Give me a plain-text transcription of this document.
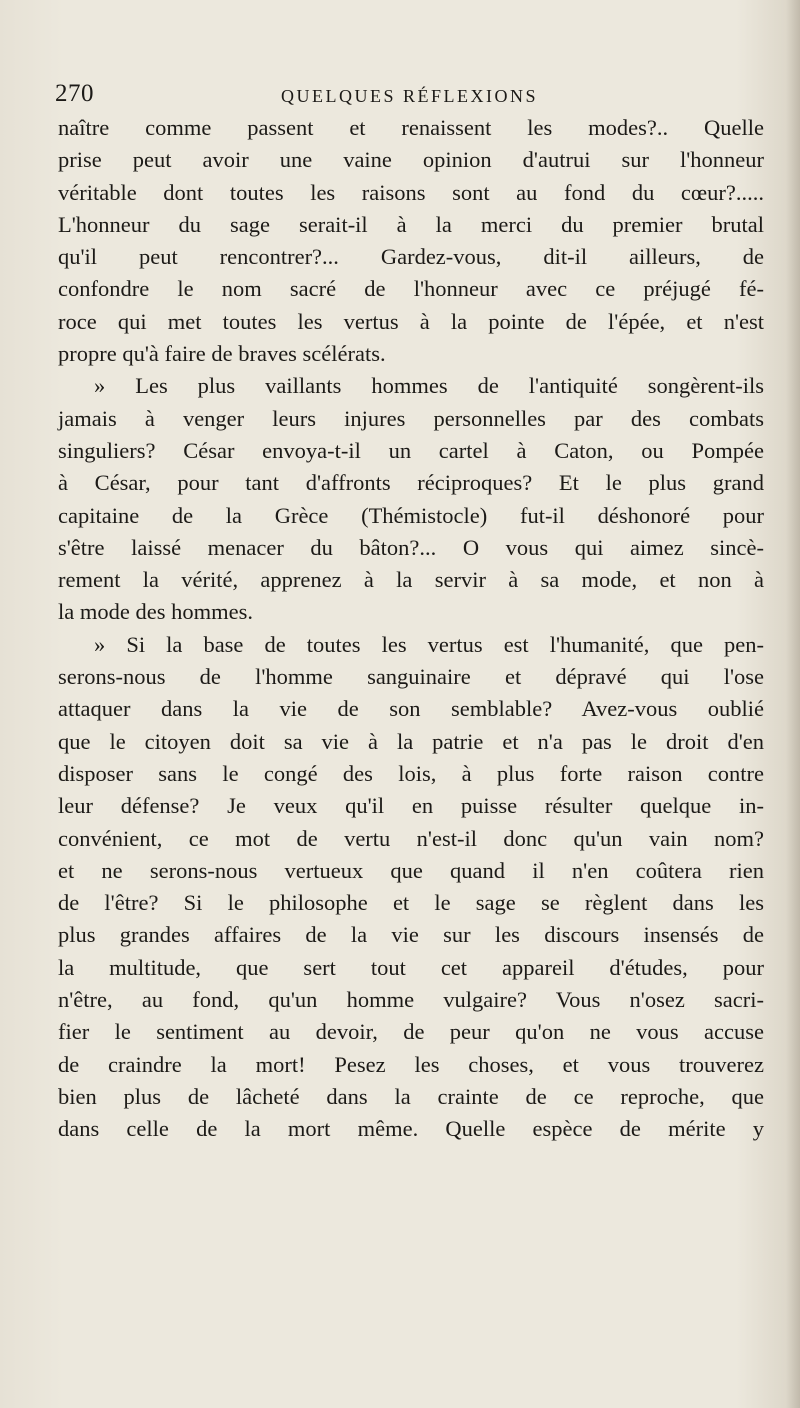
270	QUELQUES RÉFLEXIONS
naître comme passent et renaissent les modes?.. Quelle
prise peut avoir une vaine opinion d'autrui sur l'honneur
véritable dont toutes les raisons sont au fond du cœur?.....
L'honneur du sage serait-il à la merci du premier brutal
qu'il peut rencontrer?... Gardez-vous, dit-il ailleurs, de
confondre le nom sacré de l'honneur avec ce préjugé fé-
roce qui met toutes les vertus à la pointe de l'épée, et n'est
propre qu'à faire de braves scélérats.
» Les plus vaillants hommes de l'antiquité songèrent-ils
jamais à venger leurs injures personnelles par des combats
singuliers? César envoya-t-il un cartel à Caton, ou Pompée
à César, pour tant d'affronts réciproques? Et le plus grand
capitaine de la Grèce (Thémistocle) fut-il déshonoré pour
s'être laissé menacer du bâton?... O vous qui aimez sincè-
rement la vérité, apprenez à la servir à sa mode, et non à
la mode des hommes.
» Si la base de toutes les vertus est l'humanité, que pen-
serons-nous de l'homme sanguinaire et dépravé qui l'ose
attaquer dans la vie de son semblable? Avez-vous oublié
que le citoyen doit sa vie à la patrie et n'a pas le droit d'en
disposer sans le congé des lois, à plus forte raison contre
leur défense? Je veux qu'il en puisse résulter quelque in-
convénient, ce mot de vertu n'est-il donc qu'un vain nom?
et ne serons-nous vertueux que quand il n'en coûtera rien
de l'être? Si le philosophe et le sage se règlent dans les
plus grandes affaires de la vie sur les discours insensés de
la multitude, que sert tout cet appareil d'études, pour
n'être, au fond, qu'un homme vulgaire? Vous n'osez sacri-
fier le sentiment au devoir, de peur qu'on ne vous accuse
de craindre la mort! Pesez les choses, et vous trouverez
bien plus de lâcheté dans la crainte de ce reproche, que
dans celle de la mort même. Quelle espèce de mérite y
